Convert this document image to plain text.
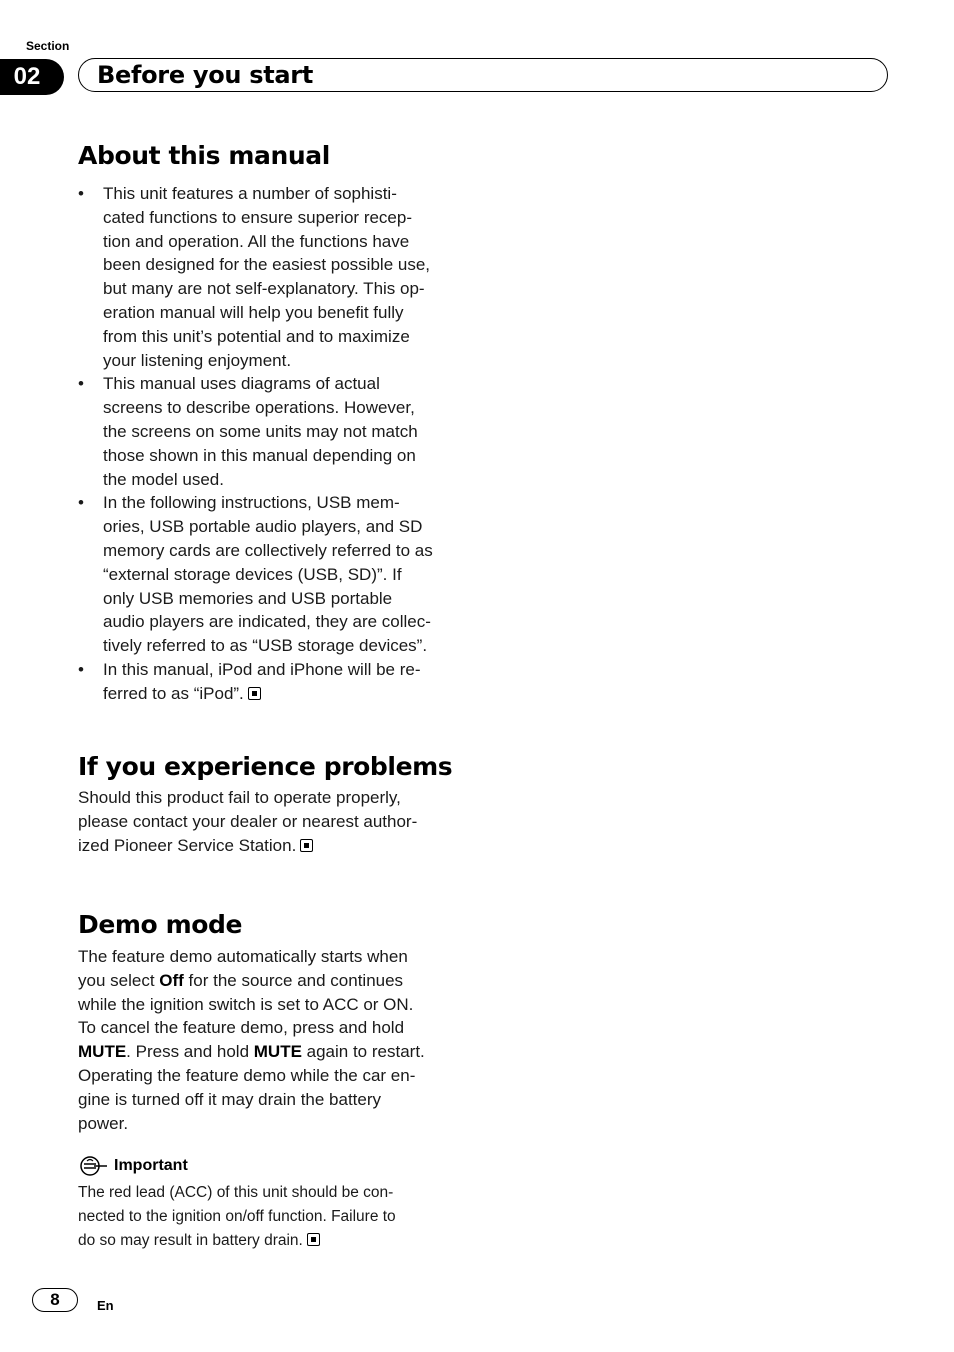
Section
02	Before you start
About this manual
• This unit features a number of sophisti-
cated functions to ensure superior recep-
tion and operation. All the functions have
been designed for the easiest possible use,
but many are not self-explanatory. This op-
eration manual will help you benefit fully
from this unit’s potential and to maximize
your listening enjoyment.
• This manual uses diagrams of actual
screens to describe operations. However,
the screens on some units may not match
those shown in this manual depending on
the model used.
• In the following instructions, USB mem-
ories, USB portable audio players, and SD
memory cards are collectively referred to as
“external storage devices (USB, SD)”. If
only USB memories and USB portable
audio players are indicated, they are collec-
tively referred to as “USB storage devices”.
• In this manual, iPod and iPhone will be re-
ferred to as “iPod”.
If you experience problems

Should this product fail to operate properly,
please contact your dealer or nearest author-
ized Pioneer Service Station.

Demo mode

The feature demo automatically starts when
you select Off for the source and continues
while the ignition switch is set to ACC or ON.
To cancel the feature demo, press and hold
MUTE. Press and hold MUTE again to restart.
Operating the feature demo while the car en-
gine is turned off it may drain the battery
power.

Important

The red lead (ACC) of this unit should be con-
nected to the ignition on/off function. Failure to
do so may result in battery drain.

8	En
